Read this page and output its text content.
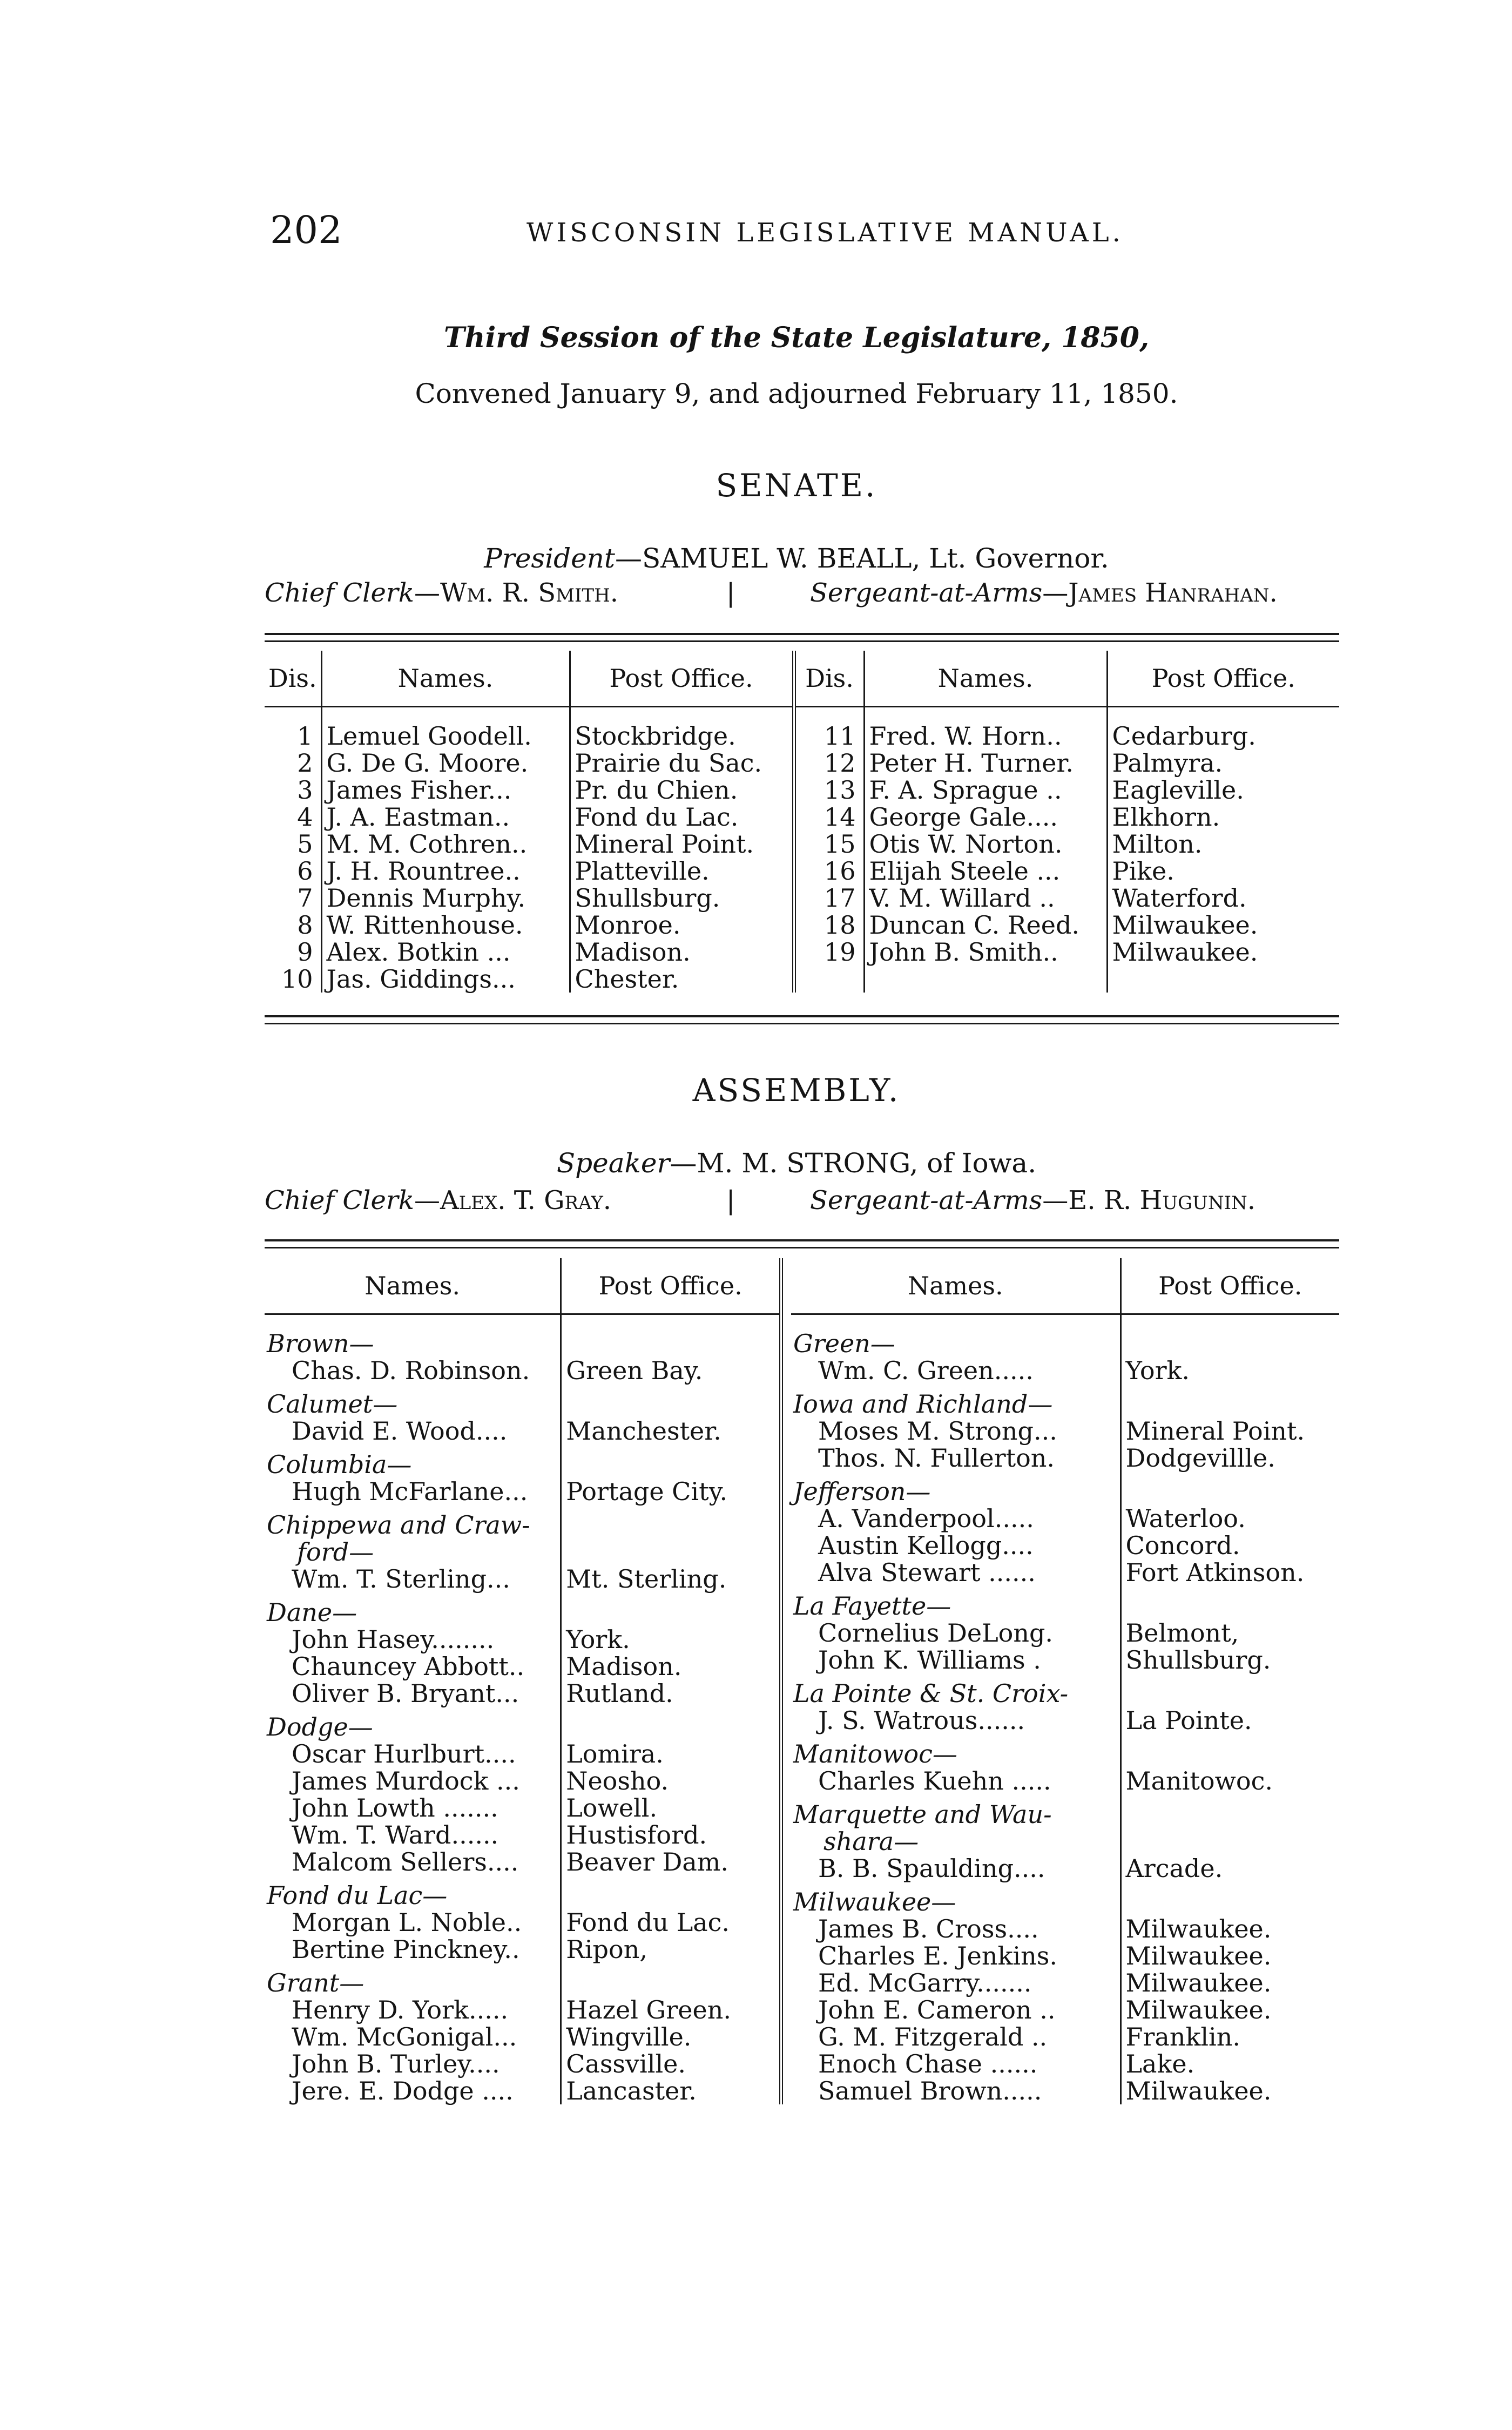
202	WISCONSIN LEGISLATIVE MANUAL.
Third Session of the State Legislature, 1850,
Convened January 9, and adjourned February 11, 1850.
SENATE.
President—SAMUEL W. BEALL, Lt. Governor.
Chief Clerk—Wm. R. Smith.	|	Sergeant-at-Arms—James Hanrahan.
Dis.	Names.	Post Office.	Dis.	Names.	Post Office.

1	Lemuel Goodell.	Stockbridge.	11	Fred. W. Horn..	Cedarburg.
2	G. De G. Moore.	Prairie du Sac.	12	Peter H. Turner.	Palmyra.
3	James Fisher...	Pr. du Chien.	13	F. A. Sprague ..	Eagleville.
4	J. A. Eastman..	Fond du Lac.	14	George Gale....	Elkhorn.
5	M. M. Cothren..	Mineral Point.	15	Otis W. Norton.	Milton.
6	J. H. Rountree..	Platteville.	16	Elijah Steele ...	Pike.
7	Dennis Murphy.	Shullsburg.	17	V. M. Willard ..	Waterford.
8	W. Rittenhouse.	Monroe.	18	Duncan C. Reed.	Milwaukee.
9	Alex. Botkin ...	Madison.	19	John B. Smith..	Milwaukee.
10	Jas. Giddings...	Chester.			
ASSEMBLY.
Speaker—M. M. STRONG, of Iowa.
Chief Clerk—Alex. T. Gray.	|	Sergeant-at-Arms—E. R. Hugunin.
Names.	Post Office.

Brown—	
Chas. D. Robinson.	Green Bay.

Calumet—	
David E. Wood....	Manchester.

Columbia—	
Hugh McFarlane...	Portage City.

Chippewa and Craw-	
ford—	
Wm. T. Sterling...	Mt. Sterling.

Dane—	
John Hasey........	York.
Chauncey Abbott..	Madison.
Oliver B. Bryant...	Rutland.

Dodge—	
Oscar Hurlburt....	Lomira.
James Murdock ...	Neosho.
John Lowth .......	Lowell.
Wm. T. Ward......	Hustisford.
Malcom Sellers....	Beaver Dam.

Fond du Lac—	
Morgan L. Noble..	Fond du Lac.
Bertine Pinckney..	Ripon,

Grant—	
Henry D. York.....	Hazel Green.
Wm. McGonigal...	Wingville.
John B. Turley....	Cassville.
Jere. E. Dodge ....	Lancaster.
Names.	Post Office.

Green—	
Wm. C. Green.....	York.

Iowa and Richland—	
Moses M. Strong...	Mineral Point.
Thos. N. Fullerton.	Dodgevillle.

Jefferson—	
A. Vanderpool.....	Waterloo.
Austin Kellogg....	Concord.
Alva Stewart ......	Fort Atkinson.

La Fayette—	
Cornelius DeLong.	Belmont,
John K. Williams .	Shullsburg.

La Pointe & St. Croix-	
J. S. Watrous......	La Pointe.

Manitowoc—	
Charles Kuehn .....	Manitowoc.

Marquette and Wau-	
shara—	
B. B. Spaulding....	Arcade.

Milwaukee—	
James B. Cross....	Milwaukee.
Charles E. Jenkins.	Milwaukee.
Ed. McGarry.......	Milwaukee.
John E. Cameron ..	Milwaukee.
G. M. Fitzgerald ..	Franklin.
Enoch Chase ......	Lake.
Samuel Brown.....	Milwaukee.
